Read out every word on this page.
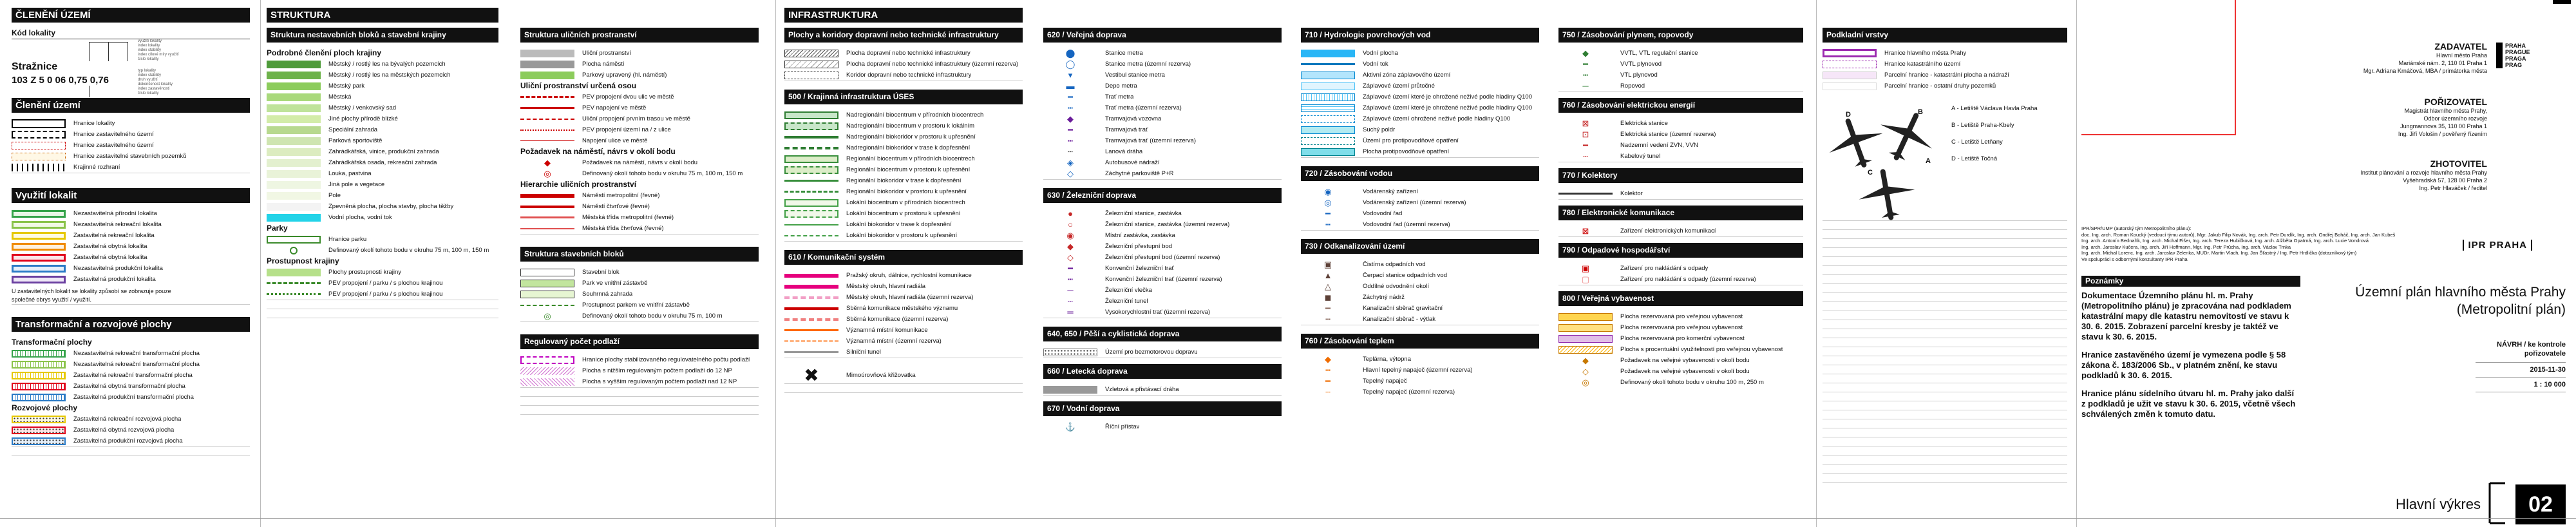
ČLENĚNÍ ÚZEMÍ
Kód lokality
Stražnice
103 Z 5 0 06 0,75 0,76
využití lokality
index lokality
index stability
index cílové míry využití
číslo lokality
typ lokality
index stability
druh využití
dokončenost lokality
index zastavěnosti
číslo lokality
Členění území
Hranice lokality
Hranice zastavitelného území
Hranice zastavitelného území
Hranice zastavitelné stavebních pozemků
Krajinné rozhraní
Využití lokalit
Nezastavitelná přírodní lokalita
Nezastavitelná rekreační lokalita
Zastavitelná rekreační lokalita
Zastavitelná obytná lokalita
Zastavitelná obytná lokalita
Nezastavitelná produkční lokalita
Zastavitelná produkční lokalita
U zastavitelných lokalit se lokality způsobí se zobrazuje pouze
společné obrys využití / využití.
Transformační a rozvojové plochy
Transformační plochy
Nezastavitelná rekreační transformační plocha
Nezastavitelná rekreační transformační plocha
Zastavitelná rekreační transformační plocha
Zastavitelná obytná transformační plocha
Zastavitelná produkční transformační plocha
Rozvojové plochy
Zastavitelná rekreační rozvojová plocha
Zastavitelná obytná rozvojová plocha
Zastavitelná produkční rozvojová plocha
STRUKTURA
Struktura nestavebních bloků a stavební krajiny
Podrobné členění ploch krajiny
Městský / rostlý les na bývalých pozemcích
Městský / rostlý les na městských pozemcích
Městský park
Městská
Městský / venkovský sad
Jiné plochy přírodě blízké
Speciální zahrada
Parková sportoviště
Zahrádkářská, vinice, produkční zahrada
Zahrádkářská osada, rekreační zahrada
Louka, pastvina
Jiná pole a vegetace
Pole
Zpevněná plocha, plocha stavby, plocha těžby
Vodní plocha, vodní tok
Parky
Hranice parku
Definovaný okolí tohoto bodu v okruhu 75 m, 100 m, 150 m
Prostupnost krajiny
Plochy prostupnosti krajiny
PEV propojení / parku / s plochou krajinou
PEV propojení / parku / s plochou krajinou
Struktura uličních prostranství
Uliční prostranství
Plocha náměstí
Parkový upravený (hl. náměstí)
Uliční prostranství určená osou
PEV propojení dvou ulic ve městě
PEV napojení ve městě
Uliční propojení prvním trasou ve městě
PEV propojení území na / z ulice
Napojení ulice ve městě
Požadavek na náměstí, návrs v okolí bodu
◆	Požadavek na náměstí, návrs v okolí bodu
◎	Definovaný okolí tohoto bodu v okruhu 75 m, 100 m, 150 m
Hierarchie uličních prostranství
Náměstí metropolitní (řevné)
Náměstí čtvrťové (řevné)
Městská třída metropolitní (řevné)
Městská třída čtvrťová (řevné)
Struktura stavebních bloků
Stavební blok
Park ve vnitřní zástavbě
Souhrnná zahrada
Prostupnost parkem ve vnitřní zástavbě
◎	Definovaný okolí tohoto bodu v okruhu 75 m, 100 m
Regulovaný počet podlaží
Hranice plochy stabilizovaného regulovatelného počtu podlaží
Plocha s nižším regulovaným počtem podlaží do 12 NP
Plocha s vyšším regulovaným počtem podlaží nad 12 NP
INFRASTRUKTURA
Plochy a koridory dopravní nebo technické infrastruktury
Plocha dopravní nebo technické infrastruktury
Plocha dopravní nebo technické infrastruktury (územní rezerva)
Koridor dopravní nebo technické infrastruktury
500 / Krajinná infrastruktura ÚSES
Nadregionální biocentrum v přírodních biocentrech
Nadregionální biocentrum v prostoru k lokálním
Nadregionální biokoridor v prostoru k upřesnění
Nadregionální biokoridor v trase k dopřesnění
Regionální biocentrum v přírodních biocentrech
Regionální biocentrum v prostoru k upřesnění
Regionální biokoridor v trase k dopřesnění
Regionální biokoridor v prostoru k upřesnění
Lokální biocentrum v přírodních biocentrech
Lokální biocentrum v prostoru k upřesnění
Lokální biokoridor v trase k dopřesnění
Lokální biokoridor v prostoru k upřesnění
610 / Komunikační systém
Pražský okruh, dálnice, rychlostní komunikace
Městský okruh, hlavní radiála
Městský okruh, hlavní radiála (územní rezerva)
Sběrná komunikace městského významu
Sběrná komunikace (územní rezerva)
Významná místní komunikace
Významná místní (územní rezerva)
Silniční tunel
✖	Mimoúrovňová křižovatka
620 / Veřejná doprava
⬤	Stanice metra
◯	Stanice metra (územní rezerva)
▾	Vestibul stanice metra
▬	Depo metra
━	Trať metra
┅	Trať metra (územní rezerva)
◆	Tramvajová vozovna
━	Tramvajová trať
┅	Tramvajová trať (územní rezerva)
┄	Lanová dráha
◈	Autobusové nádraží
◇	Záchytné parkoviště P+R
630 / Železniční doprava
●	Železniční stanice, zastávka
○	Železniční stanice, zastávka (územní rezerva)
◉	Místní zastávka, zastávka
◆	Železniční přestupní bod
◇	Železniční přestupní bod (územní rezerva)
━	Konvenční železniční trať
┅	Konvenční železniční trať (územní rezerva)
─	Železniční vlečka
┄	Železniční tunel
═	Vysokorychlostní trať (územní rezerva)
640, 650 / Pěší a cyklistická doprava
Území pro bezmotorovou dopravu
660 / Letecká doprava
Vzletová a přistávací dráha
670 / Vodní doprava
⚓	Říční přístav
710 / Hydrologie povrchových vod
Vodní plocha
Vodní tok
Aktivní zóna záplavového území
Záplavové území průtočné
Záplavové území které je ohrožené neživé podle hladiny Q100
Záplavové území které je ohrožené neživé podle hladiny Q100
Záplavové území ohrožené neživé podle hladiny Q100
Suchý poldr
Území pro protipovodňové opatření
Plocha protipovodňové opatření
720 / Zásobování vodou
◉	Vodárenský zařízení
◎	Vodárenský zařízení (územní rezerva)
━	Vodovodní řad
┅	Vodovodní řad (územní rezerva)
730 / Odkanalizování území
▣	Čistírna odpadních vod
▲	Čerpací stanice odpadních vod
△	Oddílné odvodnění okolí
◼	Záchytný nádrž
━	Kanalizační sběrač gravitační
┅	Kanalizační sběrač - výtlak
760 / Zásobování teplem
◆	Teplárna, výtopna
┅	Hlavní tepelný napaječ (územní rezerva)
━	Tepelný napaječ
┄	Tepelný napaječ (územní rezerva)
750 / Zásobování plynem, ropovody
◆	VVTL, VTL regulační stanice
━	VVTL plynovod
┅	VTL plynovod
─	Ropovod
760 / Zásobování elektrickou energií
⊠	Elektrická stanice
⊡	Elektrická stanice (územní rezerva)
━	Nadzemní vedení ZVN, VVN
┄	Kabelový tunel
770 / Kolektory
Kolektor
780 / Elektronické komunikace
⊠	Zařízení elektronických komunikací
790 / Odpadové hospodářství
▣	Zařízení pro nakládání s odpady
▢	Zařízení pro nakládání s odpady (územní rezerva)
800 / Veřejná vybavenost
Plocha rezervovaná pro veřejnou vybavenost
Plocha rezervovaná pro veřejnou vybavenost
Plocha rezervovaná pro komerční vybavenost
Plocha s procentuální využitelností pro veřejnou vybavenost
◆	Požadavek na veřejné vybavenosti v okolí bodu
◇	Požadavek na veřejné vybavenosti v okolí bodu
◎	Definovaný okolí tohoto bodu v okruhu 100 m, 250 m
Podkladní vrstvy
Hranice hlavního města Prahy
Hranice katastrálního území
Parcelní hranice - katastrální plocha a nádraží
Parcelní hranice - ostatní druhy pozemků
D	B
A
C
A - Letiště Václava Havla Praha
B - Letiště Praha-Kbely
C - Letiště Letňany
D - Letiště Točná
ZADAVATEL
Hlavní město Praha
Mariánské nám. 2, 110 01 Praha 1
Mgr. Adriana Krnáčová, MBA / primátorka města
PRAHA
PRAGUE
PRAGA
PRAG
POŘIZOVATEL
Magistrát hlavního města Prahy,
Odbor územního rozvoje
Jungmannova 35, 110 00 Praha 1
Ing. Jiří Vološin / pověřený řízením
ZHOTOVITEL
Institut plánování a rozvoje hlavního města Prahy
Vyšehradská 57, 128 00 Praha 2
Ing. Petr Hlaváček / ředitel
IPR/SPR/UMP (autorský tým Metropolitního plánu):
doc. Ing. arch. Roman Koucký (vedoucí týmu autorů), Mgr. Jakub Filip Novák, Ing. arch. Petr Durdík, Ing. arch. Ondřej Boháč, Ing. arch. Jan Kubeš
Ing. arch. Antonín Bednařík, Ing. arch. Michal Fišer, Ing. arch. Tereza Hubičková, Ing. arch. Alžběta Opatrná, Ing. arch. Lucie Vondrová
Ing. arch. Jaroslav Kučera, Ing. arch. Jiří Hoffmann, Mgr. Ing. Petr Průcha, Ing. arch. Václav Trnka
Ing. arch. Michal Lorenc, Ing. arch. Jaroslav Zelenka, MUDr. Martin Vlach, Ing. Jan Šťastný / Ing. Petr Hrdlička (dotazníkový tým)
Ve spolupráci s odbornými konzultanty IPR Praha
IPR PRAHA
Poznámky
Dokumentace Územního plánu hl. m. Prahy (Metropolitního plánu) je zpracována nad podkladem katastrální mapy dle katastru nemovitostí ve stavu k 30. 6. 2015. Zobrazení parcelní kresby je taktéž ve stavu k 30. 6. 2015.
Hranice zastavěného území je vymezena podle § 58 zákona č. 183/2006 Sb., v platném znění, ke stavu podkladů k 30. 6. 2015.
Hranice plánu sídelního útvaru hl. m. Prahy jako další z podkladů je užit ve stavu k 30. 6. 2015, včetně všech schválených změn k tomuto datu.
Územní plán hlavního města Prahy
(Metropolitní plán)
NÁVRH / ke kontrole pořizovatele
2015-11-30
1 : 10 000
Hlavní výkres	02
